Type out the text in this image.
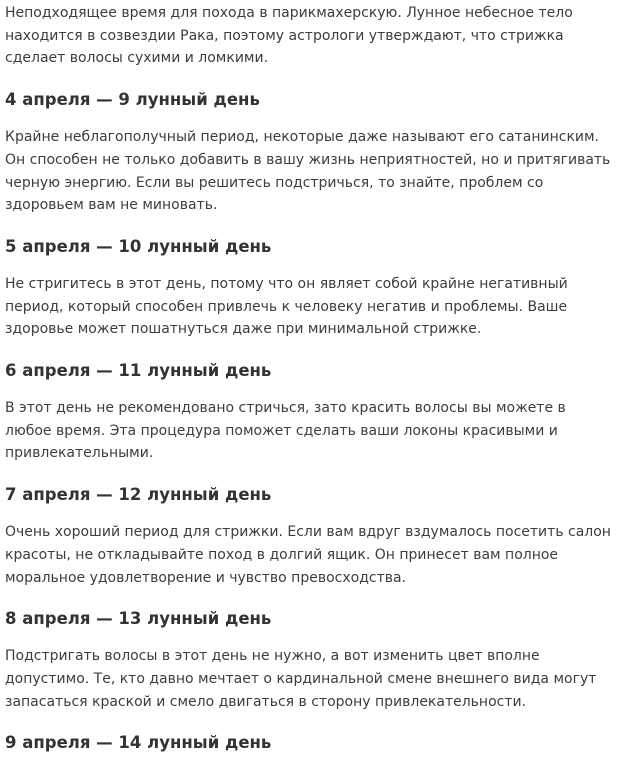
Неподходящее время для похода в парикмахерскую. Лунное небесное тело находится в созвездии Рака, поэтому астрологи утверждают, что стрижка сделает волосы сухими и ломкими.

4 апреля — 9 лунный день

Крайне неблагополучный период, некоторые даже называют его сатанинским. Он способен не только добавить в вашу жизнь неприятностей, но и притягивать черную энергию. Если вы решитесь подстричься, то знайте, проблем со здоровьем вам не миновать.

5 апреля — 10 лунный день

Не стригитесь в этот день, потому что он являет собой крайне негативный период, который способен привлечь к человеку негатив и проблемы. Ваше здоровье может пошатнуться даже при минимальной стрижке.

6 апреля — 11 лунный день

В этот день не рекомендовано стричься, зато красить волосы вы можете в любое время. Эта процедура поможет сделать ваши локоны красивыми и привлекательными.

7 апреля — 12 лунный день

Очень хороший период для стрижки. Если вам вдруг вздумалось посетить салон красоты, не откладывайте поход в долгий ящик. Он принесет вам полное моральное удовлетворение и чувство превосходства.

8 апреля — 13 лунный день

Подстригать волосы в этот день не нужно, а вот изменить цвет вполне допустимо. Те, кто давно мечтает о кардинальной смене внешнего вида могут запасаться краской и смело двигаться в сторону привлекательности.

9 апреля — 14 лунный день
